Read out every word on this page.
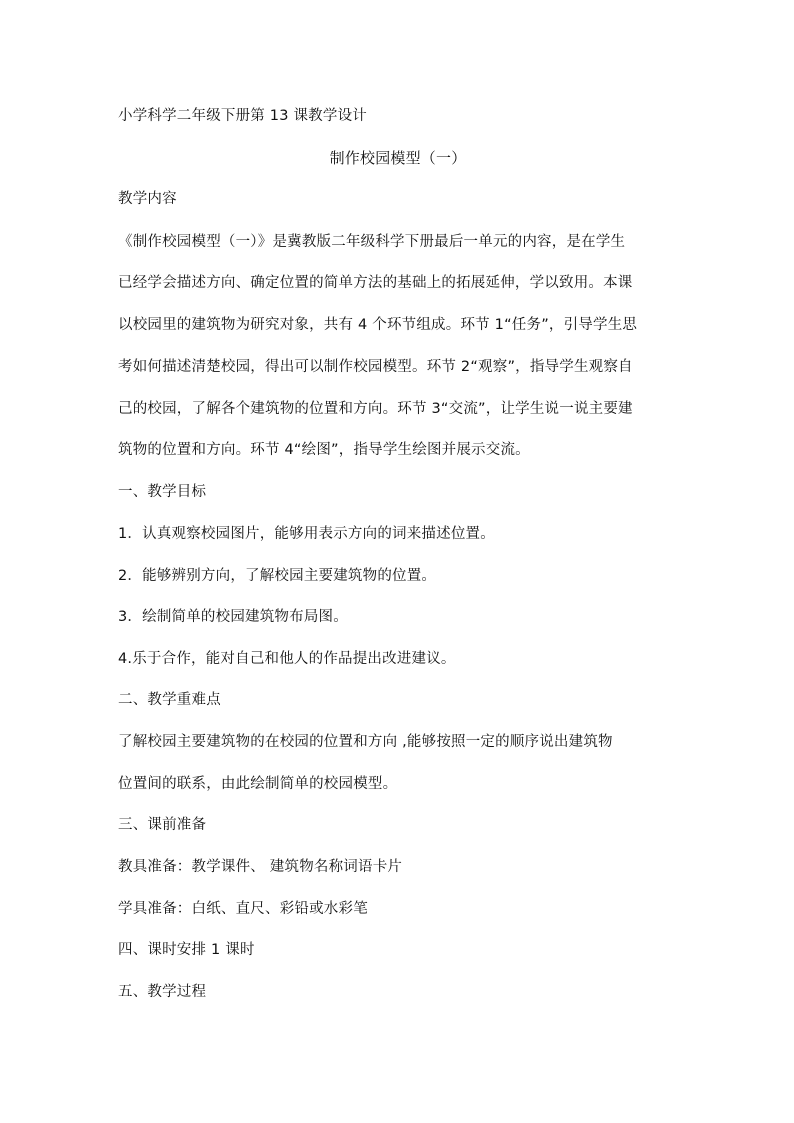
小学科学二年级下册第 13 课教学设计
制作校园模型（一）
教学内容
《制作校园模型（一）》是冀教版二年级科学下册最后一单元的内容，是在学生
已经学会描述方向、确定位置的简单方法的基础上的拓展延伸，学以致用。本课
以校园里的建筑物为研究对象，共有 4 个环节组成。环节 1“任务”，引导学生思
考如何描述清楚校园，得出可以制作校园模型。环节 2“观察”，指导学生观察自
己的校园，了解各个建筑物的位置和方向。环节 3“交流”，让学生说一说主要建
筑物的位置和方向。环节 4“绘图”，指导学生绘图并展示交流。
一、教学目标
1．认真观察校园图片，能够用表示方向的词来描述位置。
2．能够辨别方向，了解校园主要建筑物的位置。
3．绘制简单的校园建筑物布局图。
4.乐于合作，能对自己和他人的作品提出改进建议。
二、教学重难点
了解校园主要建筑物的在校园的位置和方向 ,能够按照一定的顺序说出建筑物
位置间的联系，由此绘制简单的校园模型。
三、课前准备
教具准备：教学课件、 建筑物名称词语卡片
学具准备：白纸、直尺、彩铅或水彩笔
四、课时安排 1 课时
五、教学过程
